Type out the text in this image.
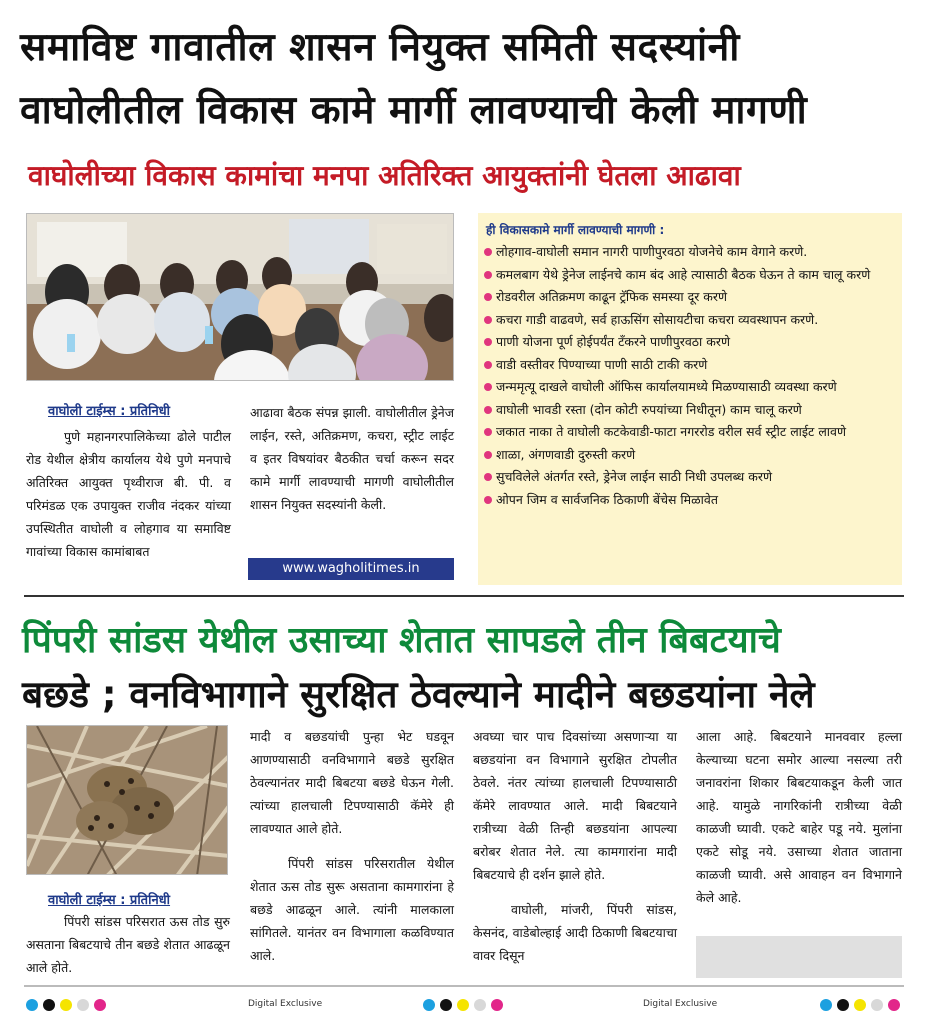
समाविष्ट गावातील शासन नियुक्त समिती सदस्यांनी
वाघोलीतील विकास कामे मार्गी लावण्याची केली मागणी
वाघोलीच्या विकास कामांचा मनपा अतिरिक्त आयुक्तांनी घेतला आढावा
वाघोली टाईम्स : प्रतिनिधी

पुणे महानगरपालिकेच्या ढोले पाटील रोड येथील क्षेत्रीय कार्यालय येथे पुणे मनपाचे अतिरिक्त आयुक्त पृथ्वीराज बी. पी. व परिमंडळ एक उपायुक्त राजीव नंदकर यांच्या उपस्थितीत वाघोली व लोहगाव या समाविष्ट गावांच्या विकास कामांबाबत

आढावा बैठक संपन्न झाली. वाघोलीतील ड्रेनेज लाईन, रस्ते, अतिक्रमण, कचरा, स्ट्रीट लाईट व इतर विषयांवर बैठकीत चर्चा करून सदर कामे मार्गी लावण्याची मागणी वाघोलीतील शासन नियुक्त सदस्यांनी केली.

www.wagholitimes.in
ही विकासकामे मार्गी लावण्याची मागणी :
लोहगाव-वाघोली समान नागरी पाणीपुरवठा योजनेचे काम वेगाने करणे.
कमलबाग येथे ड्रेनेज लाईनचे काम बंद आहे त्यासाठी बैठक घेऊन ते काम चालू करणे
रोडवरील अतिक्रमण काढून ट्रॅफिक समस्या दूर करणे
कचरा गाडी वाढवणे, सर्व हाऊसिंग सोसायटीचा कचरा व्यवस्थापन करणे.
पाणी योजना पूर्ण होईपर्यंत टँकरने पाणीपुरवठा करणे
वाडी वस्तीवर पिण्याच्या पाणी साठी टाकी करणे
जन्ममृत्यू दाखले वाघोली ऑफिस कार्यालयामध्ये मिळण्यासाठी व्यवस्था करणे
वाघोली भावडी रस्ता (दोन कोटी रुपयांच्या निधीतून) काम चालू करणे
जकात नाका ते वाघोली कटकेवाडी-फाटा नगररोड वरील सर्व स्ट्रीट लाईट लावणे
शाळा, अंगणवाडी दुरुस्ती करणे
सुचविलेले अंतर्गत रस्ते, ड्रेनेज लाईन साठी निधी उपलब्ध करणे
ओपन जिम व सार्वजनिक ठिकाणी बेंचेस मिळावेत
पिंपरी सांडस येथील उसाच्या शेतात सापडले तीन बिबटयाचे
बछडे ; वनविभागाने सुरक्षित ठेवल्याने मादीने बछडयांना नेले
वाघोली टाईम्स : प्रतिनिधी

पिंपरी सांडस परिसरात ऊस तोड सुरु असताना बिबटयाचे तीन बछडे शेतात आढळून आले होते.

मादी व बछडयांची पुन्हा भेट घडवून आणण्यासाठी वनविभागाने बछडे सुरक्षित ठेवल्यानंतर मादी बिबटया बछडे घेऊन गेली. त्यांच्या हालचाली टिपण्यासाठी कॅमेरे ही लावण्यात आले होते.

पिंपरी सांडस परिसरातील येथील शेतात ऊस तोड सुरू असताना कामगारांना हे बछडे आढळून आले. त्यांनी मालकाला सांगितले. यानंतर वन विभागाला कळविण्यात आले.

अवघ्या चार पाच दिवसांच्या असणाऱ्या या बछडयांना वन विभागाने सुरक्षित टोपलीत ठेवले. नंतर त्यांच्या हालचाली टिपण्यासाठी कॅमेरे लावण्यात आले. मादी बिबटयाने रात्रीच्या वेळी तिन्ही बछडयांना आपल्या बरोबर शेतात नेले. त्या कामगारांना मादी बिबटयाचे ही दर्शन झाले होते.

वाघोली, मांजरी, पिंपरी सांडस, केसनंद, वाडेबोल्हाई आदी ठिकाणी बिबटयाचा वावर दिसून

आला आहे. बिबटयाने मानववार हल्ला केल्याच्या घटना समोर आल्या नसल्या तरी जनावरांना शिकार बिबटयाकडून केली जात आहे. यामुळे नागरिकांनी रात्रीच्या वेळी काळजी घ्यावी. एकटे बाहेर पडू नये. मुलांना एकटे सोडू नये. उसाच्या शेतात जाताना काळजी घ्यावी. असे आवाहन वन विभागाने केले आहे.

Digital Exclusive	Digital Exclusive
